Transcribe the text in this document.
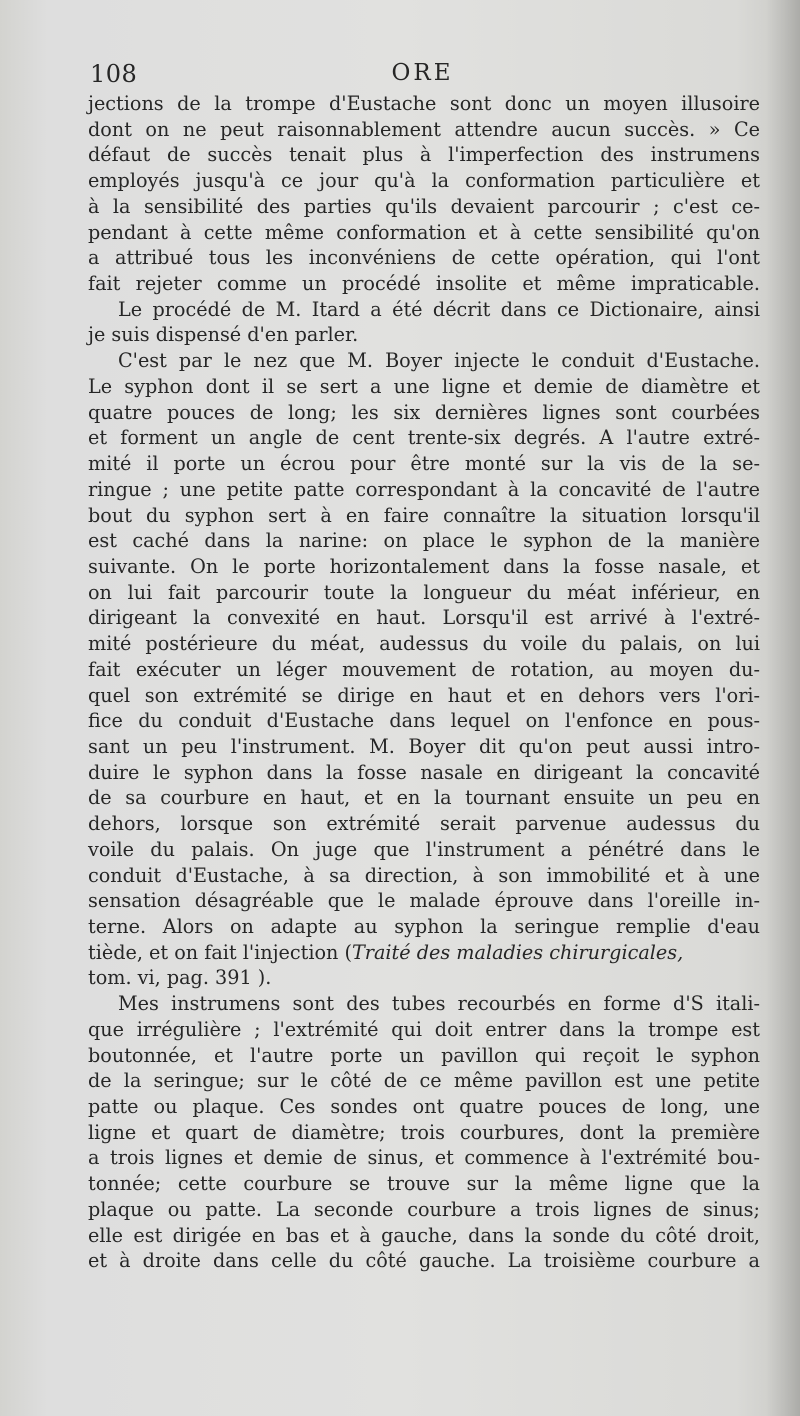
108	ORE
jections de la trompe d'Eustache sont donc un moyen illusoire
dont on ne peut raisonnablement attendre aucun succès. » Ce
défaut de succès tenait plus à l'imperfection des instrumens
employés jusqu'à ce jour qu'à la conformation particulière et
à la sensibilité des parties qu'ils devaient parcourir ; c'est ce-
pendant à cette même conformation et à cette sensibilité qu'on
a attribué tous les inconvéniens de cette opération, qui l'ont
fait rejeter comme un procédé insolite et même impraticable.
Le procédé de M. Itard a été décrit dans ce Dictionaire, ainsi
je suis dispensé d'en parler.
C'est par le nez que M. Boyer injecte le conduit d'Eustache.
Le syphon dont il se sert a une ligne et demie de diamètre et
quatre pouces de long; les six dernières lignes sont courbées
et forment un angle de cent trente-six degrés. A l'autre extré-
mité il porte un écrou pour être monté sur la vis de la se-
ringue ; une petite patte correspondant à la concavité de l'autre
bout du syphon sert à en faire connaître la situation lorsqu'il
est caché dans la narine: on place le syphon de la manière
suivante. On le porte horizontalement dans la fosse nasale, et
on lui fait parcourir toute la longueur du méat inférieur, en
dirigeant la convexité en haut. Lorsqu'il est arrivé à l'extré-
mité postérieure du méat, audessus du voile du palais, on lui
fait exécuter un léger mouvement de rotation, au moyen du-
quel son extrémité se dirige en haut et en dehors vers l'ori-
fice du conduit d'Eustache dans lequel on l'enfonce en pous-
sant un peu l'instrument. M. Boyer dit qu'on peut aussi intro-
duire le syphon dans la fosse nasale en dirigeant la concavité
de sa courbure en haut, et en la tournant ensuite un peu en
dehors, lorsque son extrémité serait parvenue audessus du
voile du palais. On juge que l'instrument a pénétré dans le
conduit d'Eustache, à sa direction, à son immobilité et à une
sensation désagréable que le malade éprouve dans l'oreille in-
terne. Alors on adapte au syphon la seringue remplie d'eau
tiède, et on fait l'injection (Traité des maladies chirurgicales,
tom. vi, pag. 391 ).
Mes instrumens sont des tubes recourbés en forme d'S itali-
que irrégulière ; l'extrémité qui doit entrer dans la trompe est
boutonnée, et l'autre porte un pavillon qui reçoit le syphon
de la seringue; sur le côté de ce même pavillon est une petite
patte ou plaque. Ces sondes ont quatre pouces de long, une
ligne et quart de diamètre; trois courbures, dont la première
a trois lignes et demie de sinus, et commence à l'extrémité bou-
tonnée; cette courbure se trouve sur la même ligne que la
plaque ou patte. La seconde courbure a trois lignes de sinus;
elle est dirigée en bas et à gauche, dans la sonde du côté droit,
et à droite dans celle du côté gauche. La troisième courbure a
